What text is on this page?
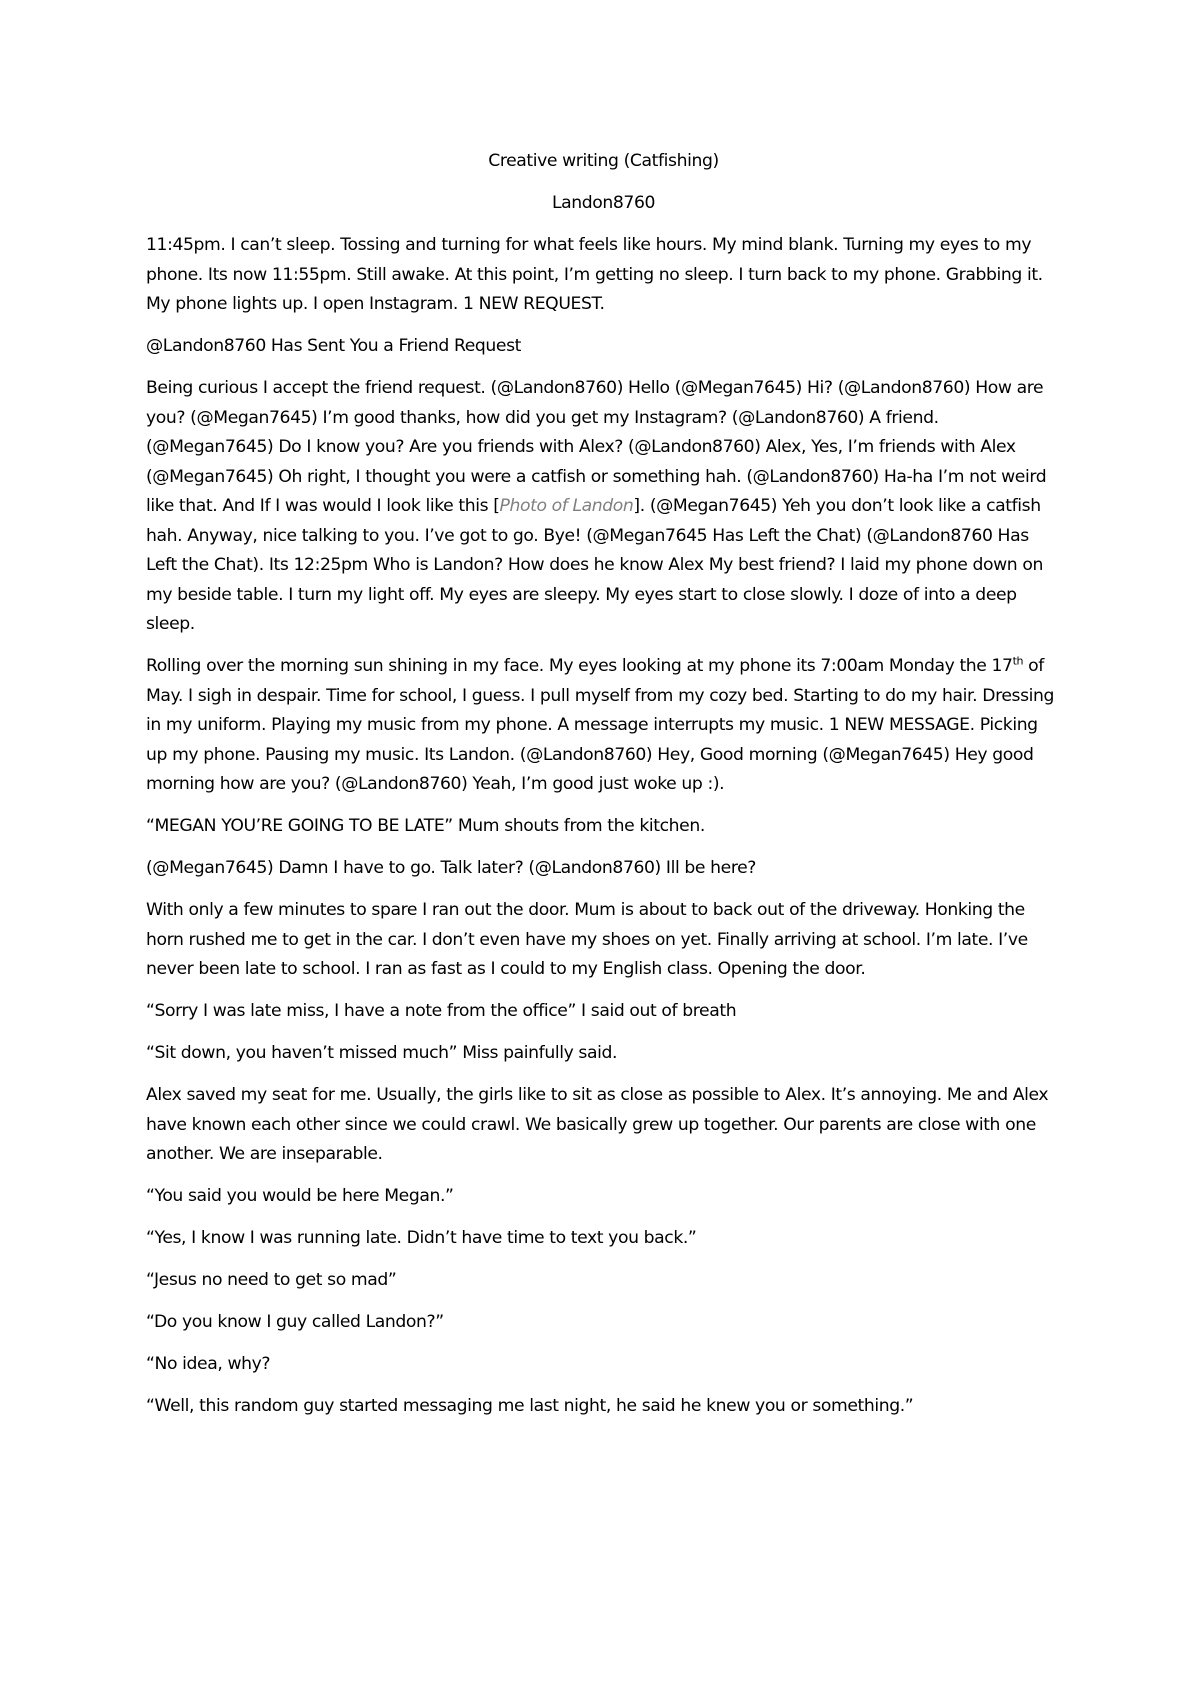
Creative writing (Catfishing)

Landon8760

11:45pm. I can’t sleep. Tossing and turning for what feels like hours. My mind blank. Turning my eyes to my phone. Its now 11:55pm. Still awake. At this point, I’m getting no sleep. I turn back to my phone. Grabbing it. My phone lights up. I open Instagram. 1 NEW REQUEST.

@Landon8760 Has Sent You a Friend Request

Being curious I accept the friend request. (@Landon8760) Hello (@Megan7645) Hi? (@Landon8760) How are you? (@Megan7645) I’m good thanks, how did you get my Instagram? (@Landon8760) A friend. (@Megan7645) Do I know you? Are you friends with Alex? (@Landon8760) Alex, Yes, I’m friends with Alex (@Megan7645) Oh right, I thought you were a catfish or something hah. (@Landon8760) Ha-ha I’m not weird like that. And If I was would I look like this [Photo of Landon]. (@Megan7645) Yeh you don’t look like a catfish hah. Anyway, nice talking to you. I’ve got to go. Bye! (@Megan7645 Has Left the Chat) (@Landon8760 Has Left the Chat). Its 12:25pm Who is Landon? How does he know Alex My best friend? I laid my phone down on my beside table. I turn my light off. My eyes are sleepy. My eyes start to close slowly. I doze of into a deep sleep.

Rolling over the morning sun shining in my face. My eyes looking at my phone its 7:00am Monday the 17th of May. I sigh in despair. Time for school, I guess. I pull myself from my cozy bed. Starting to do my hair. Dressing in my uniform. Playing my music from my phone. A message interrupts my music. 1 NEW MESSAGE. Picking up my phone. Pausing my music. Its Landon. (@Landon8760) Hey, Good morning (@Megan7645) Hey good morning how are you? (@Landon8760) Yeah, I’m good just woke up :).

“MEGAN YOU’RE GOING TO BE LATE” Mum shouts from the kitchen.

(@Megan7645) Damn I have to go. Talk later? (@Landon8760) Ill be here?

With only a few minutes to spare I ran out the door. Mum is about to back out of the driveway. Honking the horn rushed me to get in the car. I don’t even have my shoes on yet. Finally arriving at school. I’m late. I’ve never been late to school. I ran as fast as I could to my English class. Opening the door.

“Sorry I was late miss, I have a note from the office” I said out of breath

“Sit down, you haven’t missed much” Miss painfully said.

Alex saved my seat for me. Usually, the girls like to sit as close as possible to Alex. It’s annoying. Me and Alex have known each other since we could crawl. We basically grew up together. Our parents are close with one another. We are inseparable.

“You said you would be here Megan.”

“Yes, I know I was running late. Didn’t have time to text you back.”

“Jesus no need to get so mad”

“Do you know I guy called Landon?”

“No idea, why?

“Well, this random guy started messaging me last night, he said he knew you or something.”
